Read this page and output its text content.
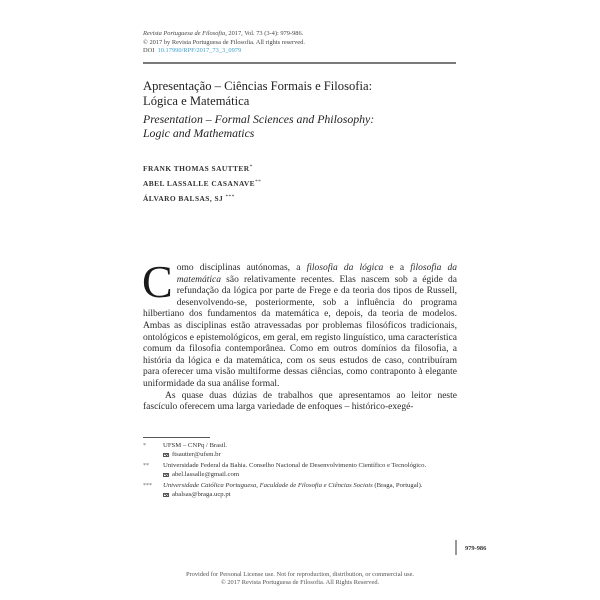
Revista Portuguesa de Filosofia, 2017, Vol. 73 (3-4): 979-986.
© 2017 by Revista Portuguesa de Filosofia. All rights reserved.
DOI 10.17990/RPF/2017_73_3_0979
Apresentação – Ciências Formais e Filosofia:
Lógica e Matemática
Presentation – Formal Sciences and Philosophy:
Logic and Mathematics
FRANK THOMAS SAUTTER*
ABEL LASSALLE CASANAVE**
ÁLVARO BALSAS, SJ ***

Como disciplinas autónomas, a filosofia da lógica e a filosofia da matemática são relativamente recentes. Elas nascem sob a égide da refundação da lógica por parte de Frege e da teoria dos tipos de Russell, desenvolvendo-se, posteriormente, sob a influência do programa hilbertiano dos fundamentos da matemática e, depois, da teoria de modelos. Ambas as disciplinas estão atravessadas por problemas filosóficos tradicionais, ontológicos e epistemológicos, em geral, em registo linguístico, uma característica comum da filosofia contemporânea. Como em outros domínios da filosofia, a história da lógica e da matemática, com os seus estudos de caso, contribuíram para oferecer uma visão multiforme dessas ciências, como contraponto à elegante uniformidade da sua análise formal.

As quase duas dúzias de trabalhos que apresentamos ao leitor neste fascículo oferecem uma larga variedade de enfoques – histórico-exegé-

*	UFSM – CNPq / Brasil.
ftsautter@ufsm.br
**	Universidade Federal da Bahia. Conselho Nacional de Desenvolvimento Científico e Tecnológico.
abel.lassalle@gmail.com
***	Universidade Católica Portuguesa, Faculdade de Filosofia e Ciências Sociais (Braga, Portugal).
abalsas@braga.ucp.pt
979-986
Provided for Personal License use. Not for reproduction, distribution, or commercial use.
© 2017 Revista Portuguesa de Filosofia. All Rights Reserved.
